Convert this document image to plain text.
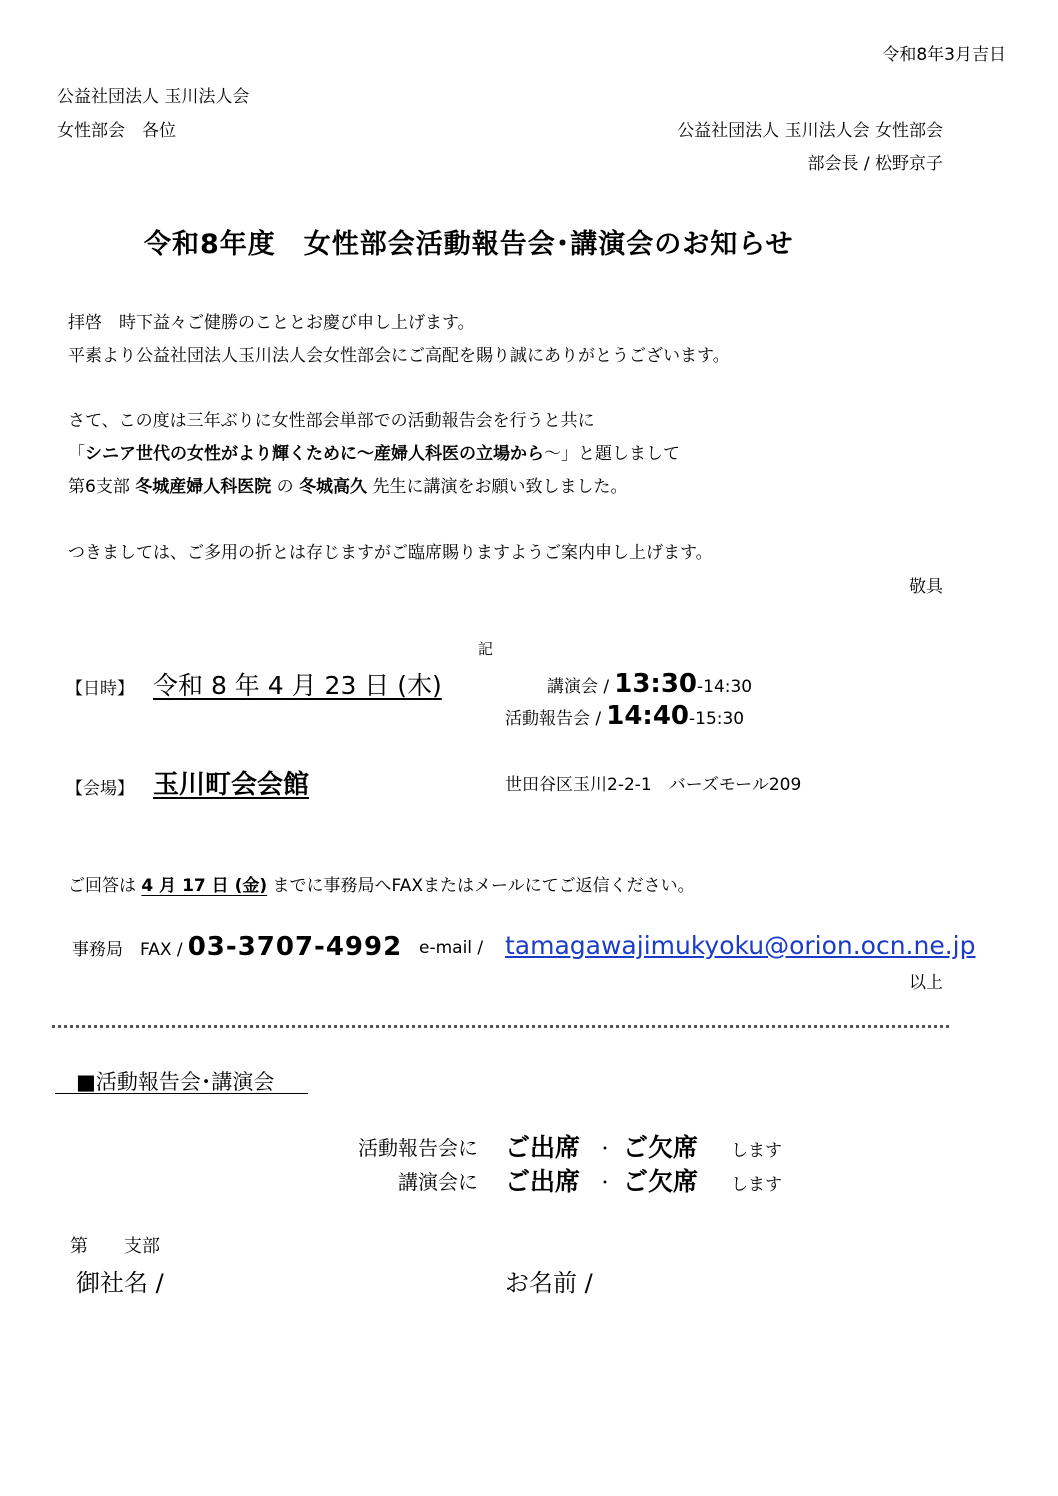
令和8年3月吉日
公益社団法人 玉川法人会
女性部会　各位	公益社団法人 玉川法人会 女性部会
部会長 / 松野京子
令和8年度　女性部会活動報告会･講演会のお知らせ
拝啓　時下益々ご健勝のこととお慶び申し上げます。
平素より公益社団法人玉川法人会女性部会にご高配を賜り誠にありがとうございます。
さて、この度は三年ぶりに女性部会単部での活動報告会を行うと共に
「シニア世代の女性がより輝くために～産婦人科医の立場から～」と題しまして
第6支部 冬城産婦人科医院 の 冬城高久 先生に講演をお願い致しました。
つきましては、ご多用の折とは存じますがご臨席賜りますようご案内申し上げます。
敬具
記
【日時】 令和 8 年 4 月 23 日 (木)	講演会 / 13:30-14:30
活動報告会 / 14:40-15:30
【会場】 玉川町会会館	世田谷区玉川2-2-1　バーズモール209
ご回答は 4 月 17 日 (金) までに事務局へFAXまたはメールにてご返信ください。
事務局　FAX / 03-3707-4992 e-mail / tamagawajimukyoku@orion.ocn.ne.jp
以上
■活動報告会･講演会
活動報告会に ご出席 ・ ご欠席 します
講演会に ご出席 ・ ご欠席 します
第　　支部
御社名 /	お名前 /
